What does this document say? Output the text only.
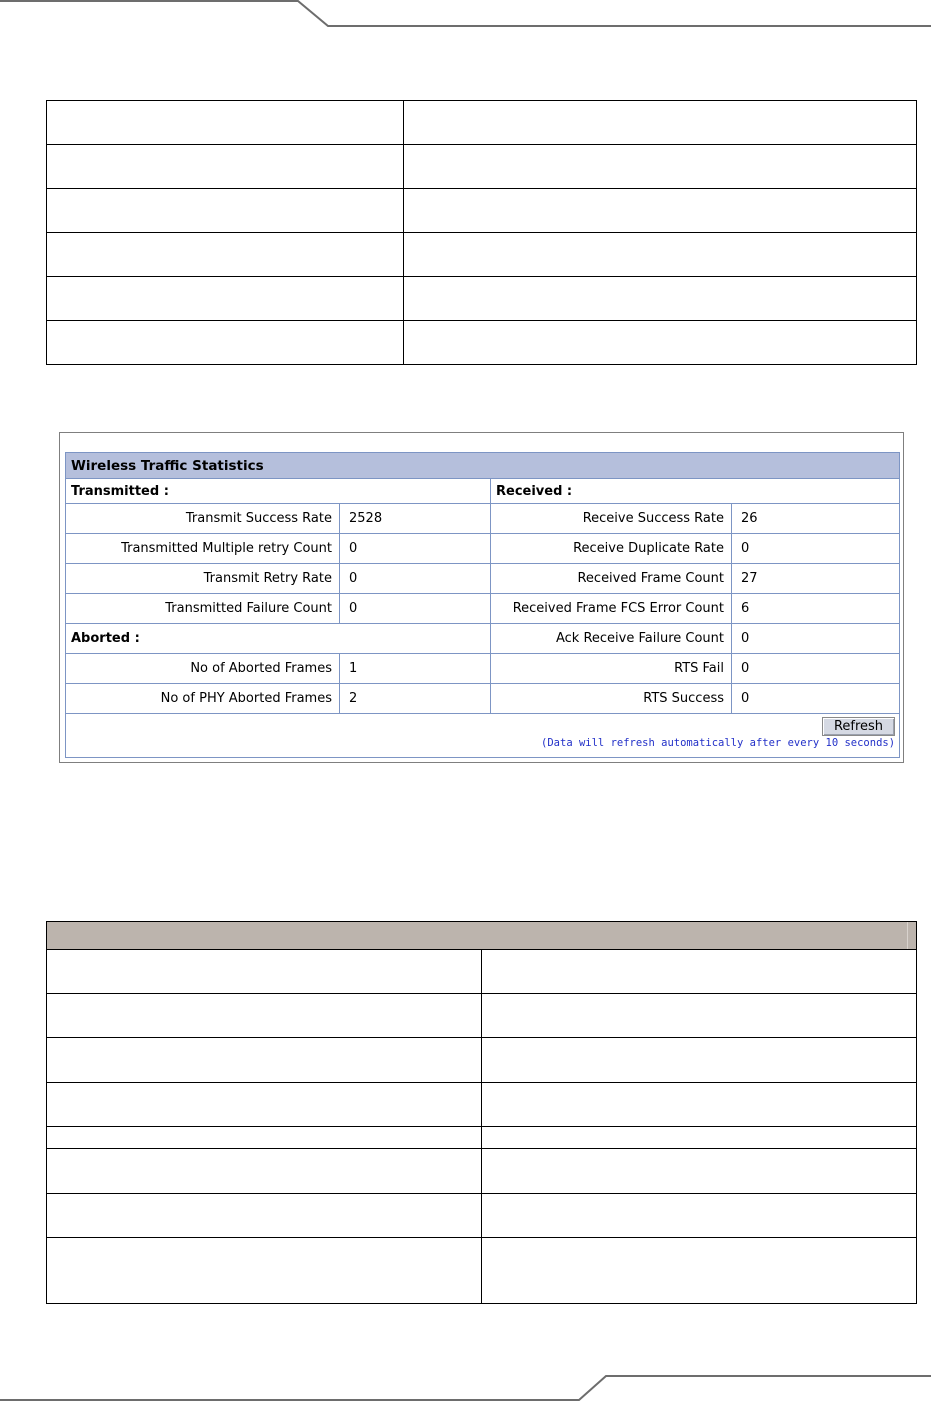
Wireless Traffic Statistics			
Transmitted :		Received :	
Transmit Success Rate	2528	Receive Success Rate	26
Transmitted Multiple retry Count	0	Receive Duplicate Rate	0
Transmit Retry Rate	0	Received Frame Count	27
Transmitted Failure Count	0	Received Frame FCS Error Count	6
Aborted :		Ack Receive Failure Count	0
No of Aborted Frames	1	RTS Fail	0
No of PHY Aborted Frames	2	RTS Success	0
Refresh
(Data will refresh automatically after every 10 seconds)			
